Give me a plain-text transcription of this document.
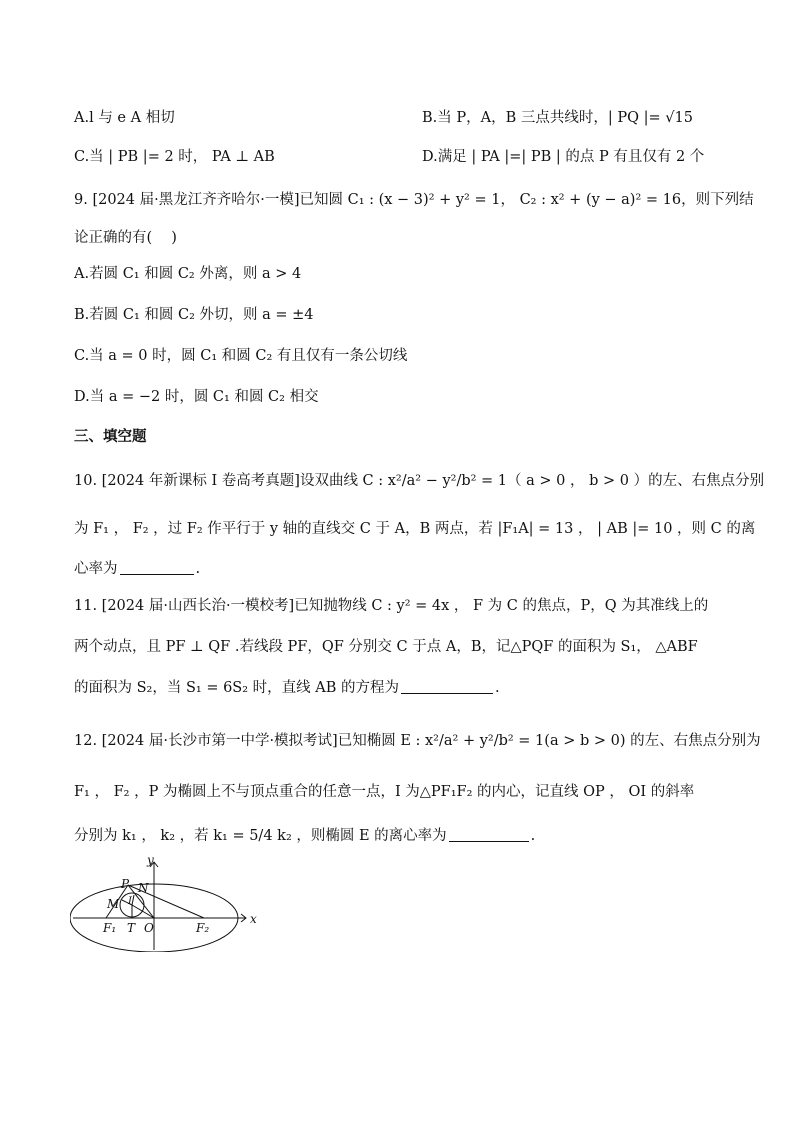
A.l 与 e A 相切	B.当 P，A，B 三点共线时，| PQ |= √15
C.当 | PB |= 2 时， PA ⊥ AB	D.满足 | PA |=| PB | 的点 P 有且仅有 2 个
9. [2024 届·黑龙江齐齐哈尔·一模]已知圆 C₁ : (x − 3)² + y² = 1， C₂ : x² + (y − a)² = 16，则下列结
论正确的有(　 )
A.若圆 C₁ 和圆 C₂ 外离，则 a > 4
B.若圆 C₁ 和圆 C₂ 外切，则 a = ±4
C.当 a = 0 时，圆 C₁ 和圆 C₂ 有且仅有一条公切线
D.当 a = −2 时，圆 C₁ 和圆 C₂ 相交
三、填空题
10. [2024 年新课标 I 卷高考真题]设双曲线 C : x²/a² − y²/b² = 1（ a > 0 ， b > 0 ）的左、右焦点分别
为 F₁ ， F₂ ，过 F₂ 作平行于 y 轴的直线交 C 于 A，B 两点，若 |F₁A| = 13 ， | AB |= 10 ，则 C 的离
心率为	.
11. [2024 届·山西长治·一模校考]已知抛物线 C : y² = 4x ， F 为 C 的焦点，P，Q 为其准线上的
两个动点，且 PF ⊥ QF .若线段 PF，QF 分别交 C 于点 A，B，记△PQF 的面积为 S₁， △ABF
的面积为 S₂，当 S₁ = 6S₂ 时，直线 AB 的方程为	.
12. [2024 届·长沙市第一中学·模拟考试]已知椭圆 E : x²/a² + y²/b² = 1(a > b > 0) 的左、右焦点分别为
F₁ ， F₂ ，P 为椭圆上不与顶点重合的任意一点，I 为△PF₁F₂ 的内心，记直线 OP ， OI 的斜率
分别为 k₁ ， k₂ ，若 k₁ = 5/4 k₂ ，则椭圆 E 的离心率为	.
y
x
P N
M I
F₁ T O	F₂
